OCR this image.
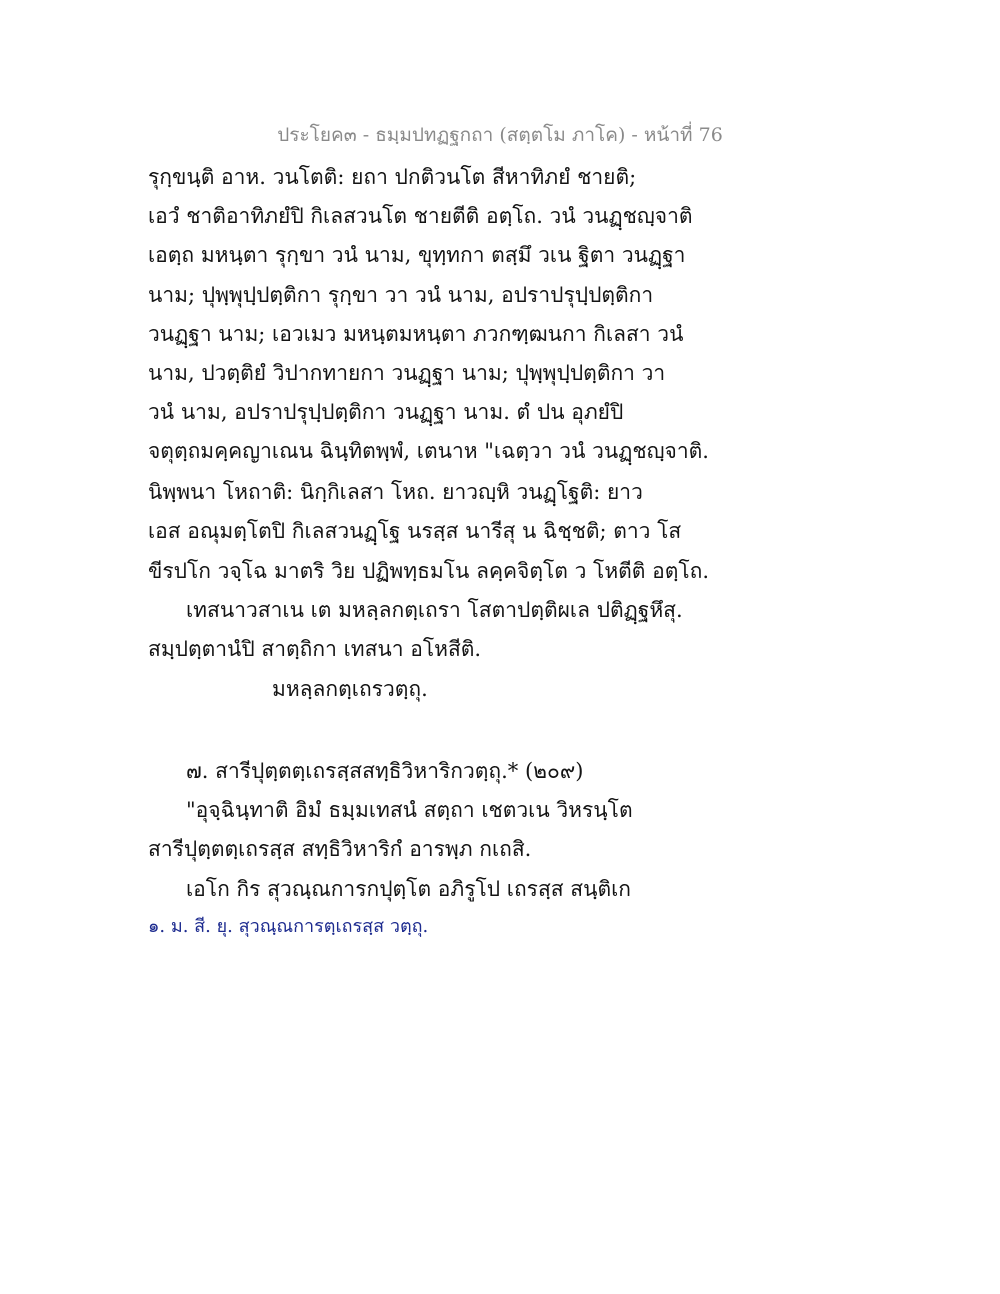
ประโยค๓ - ธมฺมปทฏฐกถา (สตฺตโม ภาโค) - หน้าที่ 76
รุกฺขนฺติ อาห. วนโตติ: ยถา ปกติวนโต สีหาทิภยํ ชายติ;
เอวํ ชาติอาทิภยํปิ กิเลสวนโต ชายตีติ อตฺโถ. วนํ วนฏฺชญฺจาติ
เอตฺถ มหนฺตา รุกฺขา วนํ นาม, ขุทฺทกา ตสฺมึ วเน ฐิตา วนฏฺฐา
นาม; ปุพฺพุปฺปตฺติกา รุกฺขา วา วนํ นาม, อปราปรุปฺปตฺติกา
วนฏฺฐา นาม; เอวเมว มหนฺตมหนฺตา ภวกฑฺฒนกา กิเลสา วนํ
นาม, ปวตฺติยํ วิปากทายกา วนฏฺฐา นาม; ปุพฺพุปฺปตฺติกา วา
วนํ นาม, อปราปรุปฺปตฺติกา วนฏฺฐา นาม. ตํ ปน อุภยํปิ
จตุตฺถมคฺคญาเณน ฉินฺทิตพฺพํ, เตนาห "เฉตฺวา วนํ วนฏฺชญฺจาติ.
นิพฺพนา โหถาติ: นิกฺกิเลสา โหถ. ยาวญฺหิ วนฏฺโฐติ: ยาว
เอส อณุมตฺโตปิ กิเลสวนฏฺโฐ นรสฺส นารีสุ น ฉิชฺชติ; ตาว โส
ขีรปโก วจฺโฉ มาตริ วิย ปฏิพทฺธมโน ลคฺคจิตฺโต ว โหตีติ อตฺโถ.
เทสนาวสาเน เต มหลฺลกตฺเถรา โสตาปตฺติผเล ปติฏฺฐหึสุ.
สมฺปตฺตานํปิ สาตฺถิกา เทสนา อโหสีติ.
มหลฺลกตฺเถรวตฺถุ.
๗. สารีปุตฺตตฺเถรสฺสสทฺธิวิหาริกวตฺถุ.* (๒๐๙)
"อุจฺฉินฺทาติ อิมํ ธมฺมเทสนํ สตฺถา เชตวเน วิหรนฺโต
สารีปุตฺตตฺเถรสฺส สทฺธิวิหาริกํ อารพฺภ กเถสิ.
เอโก กิร สุวณฺณการกปุตฺโต อภิรูโป เถรสฺส สนฺติเก
๑. ม. สี. ยุ. สุวณฺณการตฺเถรสฺส วตฺถุ.
